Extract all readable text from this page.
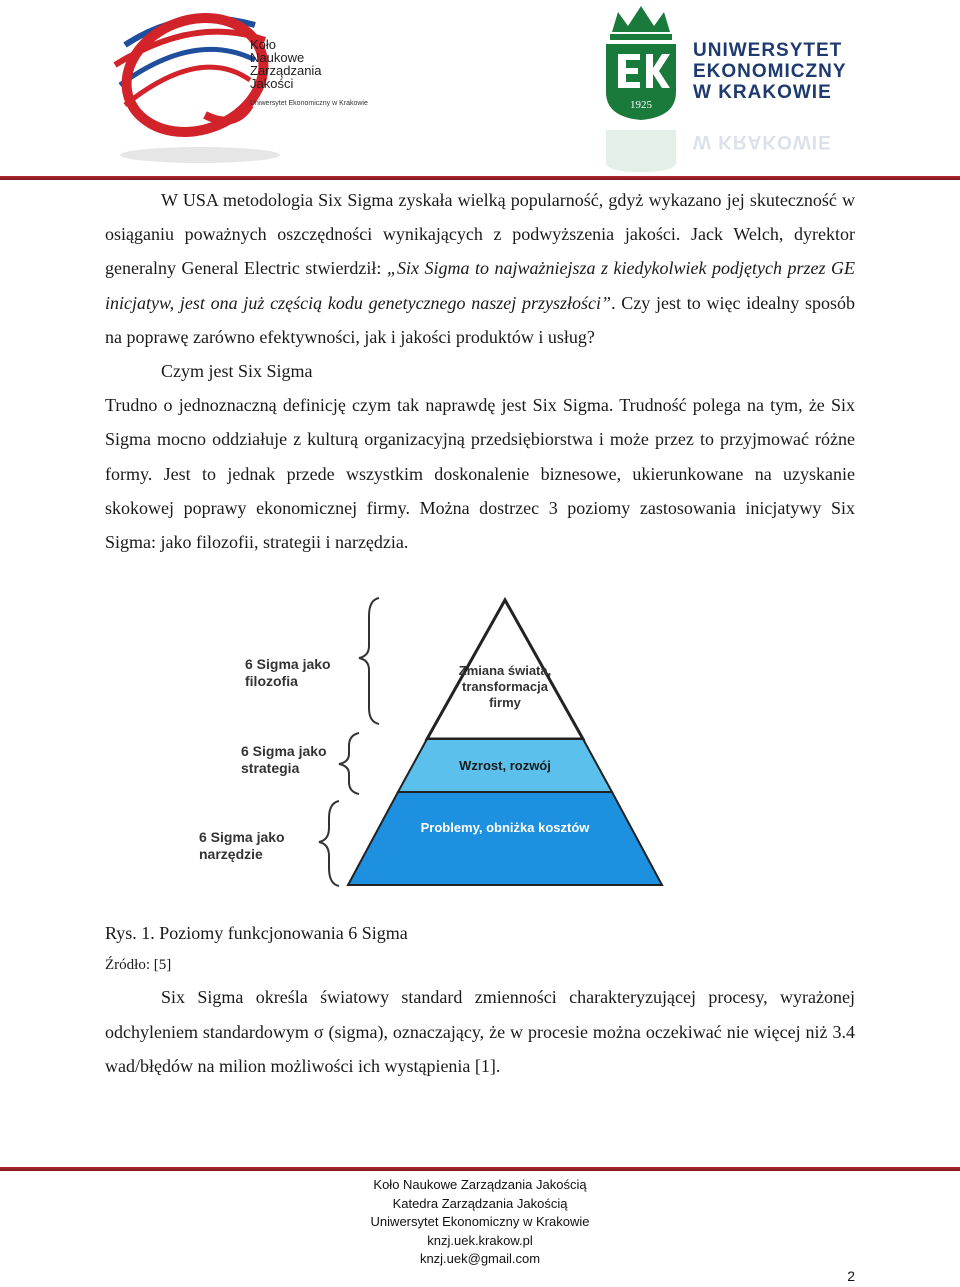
Koło
Naukowe
Zarządzania
Jakości
Uniwersytet Ekonomiczny w Krakowie	1925
UNIWERSYTET
EKONOMICZNY
W KRAKOWIE
W KRAKOWIE

W USA metodologia Six Sigma zyskała wielką popularność, gdyż wykazano jej skuteczność w osiąganiu poważnych oszczędności wynikających z podwyższenia jakości. Jack Welch, dyrektor generalny General Electric stwierdził: „Six Sigma to najważniejsza z kiedykolwiek podjętych przez GE inicjatyw, jest ona już częścią kodu genetycznego naszej przyszłości”. Czy jest to więc idealny sposób na poprawę zarówno efektywności, jak i jakości produktów i usług?

Czym jest Six Sigma

Trudno o jednoznaczną definicję czym tak naprawdę jest Six Sigma. Trudność polega na tym, że Six Sigma mocno oddziałuje z kulturą organizacyjną przedsiębiorstwa i może przez to przyjmować różne formy. Jest to jednak przede wszystkim doskonalenie biznesowe, ukierunkowane na uzyskanie skokowej poprawy ekonomicznej firmy. Można dostrzec 3 poziomy zastosowania inicjatywy Six Sigma: jako filozofii, strategii i narzędzia.

6 Sigma jako filozofia
6 Sigma jako strategia
6 Sigma jako narzędzie
Zmiana świata, transformacja firmy
Wzrost, rozwój
Problemy, obniżka kosztów

Rys. 1. Poziomy funkcjonowania 6 Sigma

Źródło: [5]

Six Sigma określa światowy standard zmienności charakteryzującej procesy, wyrażonej odchyleniem standardowym σ (sigma), oznaczający, że w procesie można oczekiwać nie więcej niż 3.4 wad/błędów na milion możliwości ich wystąpienia [1].

Koło Naukowe Zarządzania Jakością
Katedra Zarządzania Jakością
Uniwersytet Ekonomiczny w Krakowie
knzj.uek.krakow.pl
knzj.uek@gmail.com
2
